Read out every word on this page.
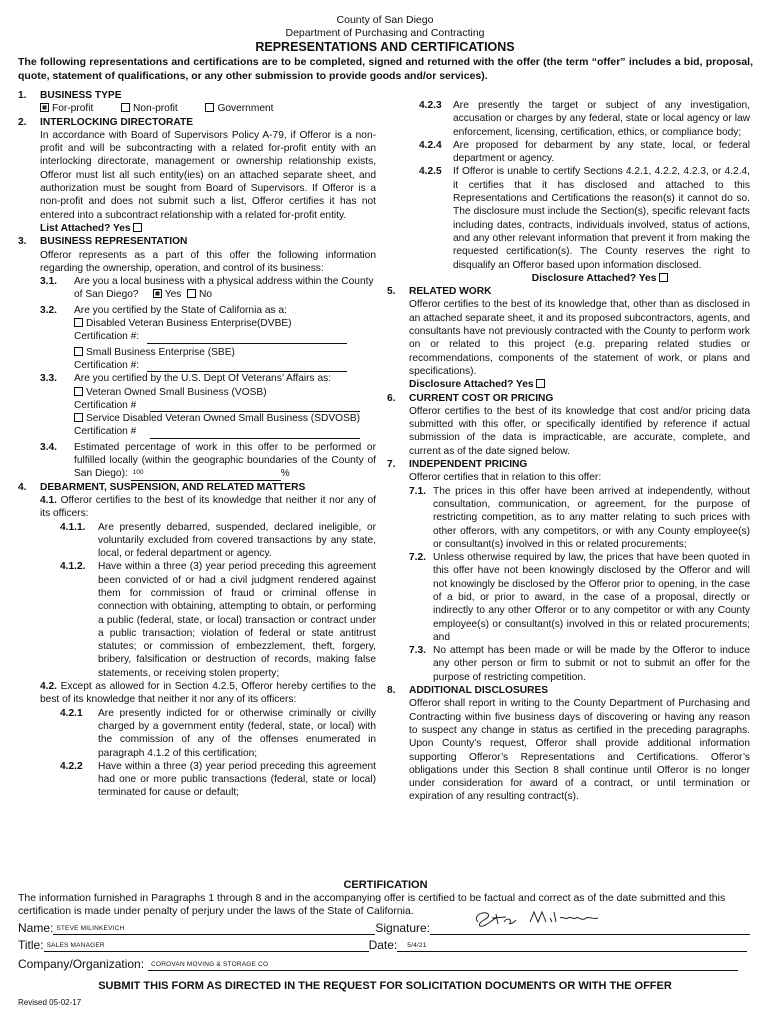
County of San Diego
Department of Purchasing and Contracting
REPRESENTATIONS AND CERTIFICATIONS
The following representations and certifications are to be completed, signed and returned with the offer (the term “offer” includes a bid, proposal, quote, statement of qualifications, or any other submission to provide goods and/or services).
1.	BUSINESS TYPE
For-profit	Non-profit	Government
2.	INTERLOCKING DIRECTORATE
In accordance with Board of Supervisors Policy A-79, if Offeror is a non-profit and will be subcontracting with a related for-profit entity with an interlocking directorate, management or ownership relationship exists, Offeror must list all such entity(ies) on an attached separate sheet, and authorization must be sought from Board of Supervisors. If Offeror is a non-profit and does not submit such a list, Offeror certifies it has not entered into a subcontract relationship with a related for-profit entity.
List Attached? Yes
3.	BUSINESS REPRESENTATION
Offeror represents as a part of this offer the following information regarding the ownership, operation, and control of its business:
3.1.	Are you a local business with a physical address within the County of San Diego?	Yes No
3.2.	Are you certified by the State of California as a:
Disabled Veteran Business Enterprise(DVBE)
Certification #:
Small Business Enterprise (SBE)
Certification #:
3.3.	Are you certified by the U.S. Dept Of Veterans’ Affairs as:
Veteran Owned Small Business (VOSB)
Certification #
Service Disabled Veteran Owned Small Business (SDVOSB)
Certification #
3.4.	Estimated percentage of work in this offer to be performed or fulfilled locally (within the geographic boundaries of the County of San Diego): 100	%
4.	DEBARMENT, SUSPENSION, AND RELATED MATTERS
4.1. Offeror certifies to the best of its knowledge that neither it nor any of its officers:
4.1.1.	Are presently debarred, suspended, declared ineligible, or voluntarily excluded from covered transactions by any state, local, or federal department or agency.
4.1.2.	Have within a three (3) year period preceding this agreement been convicted of or had a civil judgment rendered against them for commission of fraud or criminal offense in connection with obtaining, attempting to obtain, or performing a public (federal, state, or local) transaction or contract under a public transaction; violation of federal or state antitrust statutes; or commission of embezzlement, theft, forgery, bribery, falsification or destruction of records, making false statements, or receiving stolen property;
4.2. Except as allowed for in Section 4.2.5, Offeror hereby certifies to the best of its knowledge that neither it nor any of its officers:
4.2.1	Are presently indicted for or otherwise criminally or civilly charged by a government entity (federal, state, or local) with the commission of any of the offenses enumerated in paragraph 4.1.2 of this certification;
4.2.2	Have within a three (3) year period preceding this agreement had one or more public transactions (federal, state or local) terminated for cause or default;
4.2.3	Are presently the target or subject of any investigation, accusation or charges by any federal, state or local agency or law enforcement, licensing, certification, ethics, or compliance body;
4.2.4	Are proposed for debarment by any state, local, or federal department or agency.
4.2.5	If Offeror is unable to certify Sections 4.2.1, 4.2.2, 4.2.3, or 4.2.4, it certifies that it has disclosed and attached to this Representations and Certifications the reason(s) it cannot do so. The disclosure must include the Section(s), specific relevant facts including dates, contracts, individuals involved, status of actions, and any other relevant information that prevent it from making the requested certification(s). The County reserves the right to disqualify an Offeror based upon information disclosed.
Disclosure Attached? Yes
5.	RELATED WORK
Offeror certifies to the best of its knowledge that, other than as disclosed in an attached separate sheet, it and its proposed subcontractors, agents, and consultants have not previously contracted with the County to perform work on or related to this project (e.g. preparing related studies or recommendations, components of the statement of work, or plans and specifications).
Disclosure Attached? Yes
6.	CURRENT COST OR PRICING
Offeror certifies to the best of its knowledge that cost and/or pricing data submitted with this offer, or specifically identified by reference if actual submission of the data is impracticable, are accurate, complete, and current as of the date signed below.
7.	INDEPENDENT PRICING
Offeror certifies that in relation to this offer:
7.1. The prices in this offer have been arrived at independently, without consultation, communication, or agreement, for the purpose of restricting competition, as to any matter relating to such prices with other offerors, with any competitors, or with any County employee(s) or consultant(s) involved in this or related procurements;
7.2. Unless otherwise required by law, the prices that have been quoted in this offer have not been knowingly disclosed by the Offeror and will not knowingly be disclosed by the Offeror prior to opening, in the case of a bid, or prior to award, in the case of a proposal, directly or indirectly to any other Offeror or to any competitor or with any County employee(s) or consultant(s) involved in this or related procurements; and
7.3. No attempt has been made or will be made by the Offeror to induce any other person or firm to submit or not to submit an offer for the purpose of restricting competition.
8.	ADDITIONAL DISCLOSURES
Offeror shall report in writing to the County Department of Purchasing and Contracting within five business days of discovering or having any reason to suspect any change in status as certified in the preceding paragraphs. Upon County’s request, Offeror shall provide additional information supporting Offeror’s Representations and Certifications. Offeror’s obligations under this Section 8 shall continue until Offeror is no longer under consideration for award of a contract, or until termination or expiration of any resulting contract(s).
CERTIFICATION
The information furnished in Paragraphs 1 through 8 and in the accompanying offer is certified to be factual and correct as of the date submitted and this certification is made under penalty of perjury under the laws of the State of California.
Name: STEVE MILINKEVICH	Signature:
Title: SALES MANAGER	Date:	5/4/21
Company/Organization:	COROVAN MOVING & STORAGE CO
SUBMIT THIS FORM AS DIRECTED IN THE REQUEST FOR SOLICITATION DOCUMENTS OR WITH THE OFFER
Revised 05-02-17
